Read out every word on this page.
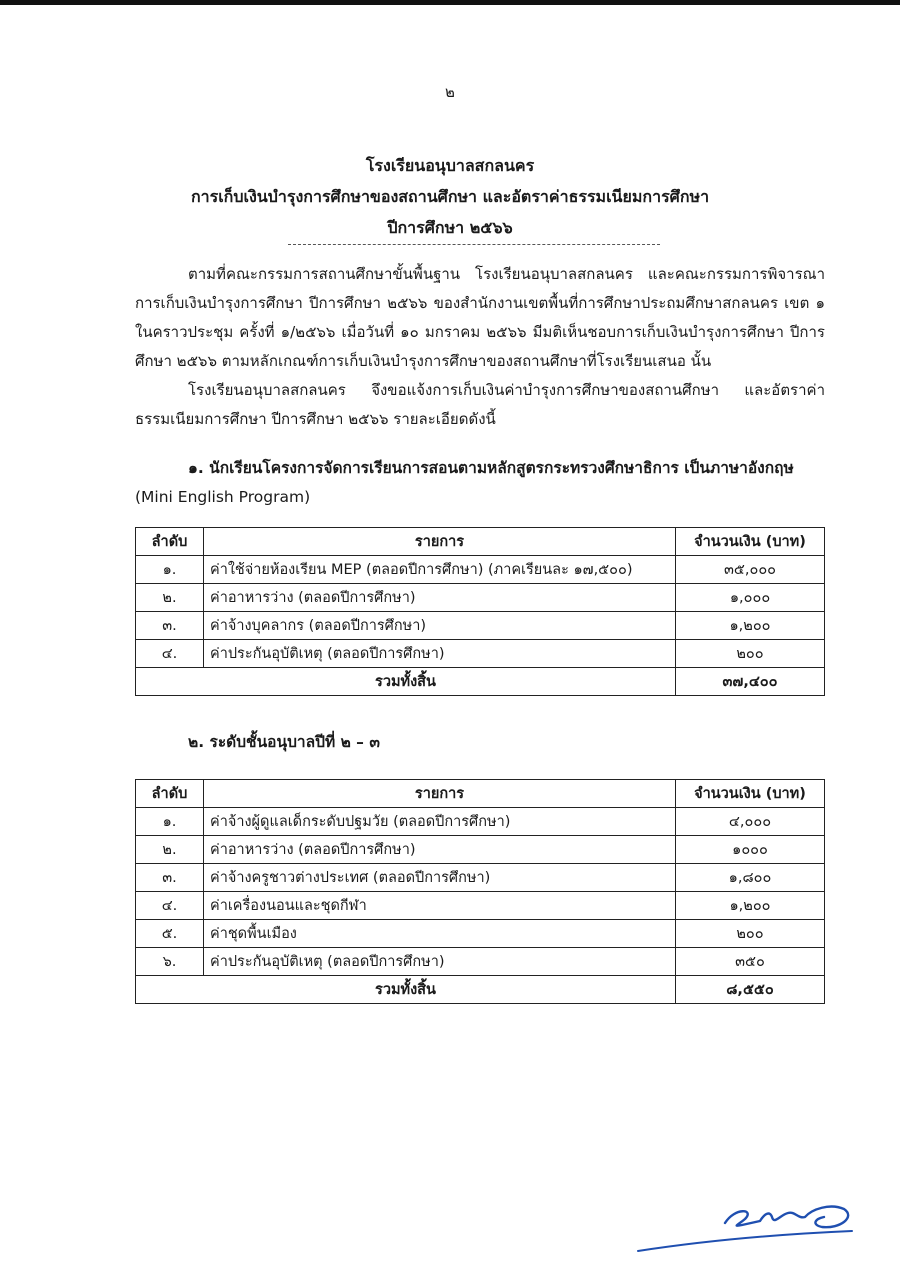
๒
โรงเรียนอนุบาลสกลนคร
การเก็บเงินบำรุงการศึกษาของสถานศึกษา และอัตราค่าธรรมเนียมการศึกษา
ปีการศึกษา ๒๕๖๖

ตามที่คณะกรรมการสถานศึกษาขั้นพื้นฐาน โรงเรียนอนุบาลสกลนคร และคณะกรรมการพิจารณาการเก็บเงินบำรุงการศึกษา ปีการศึกษา ๒๕๖๖ ของสำนักงานเขตพื้นที่การศึกษาประถมศึกษาสกลนคร เขต ๑ ในคราวประชุม ครั้งที่ ๑/๒๕๖๖ เมื่อวันที่ ๑๐ มกราคม ๒๕๖๖ มีมติเห็นชอบการเก็บเงินบำรุงการศึกษา ปีการศึกษา ๒๕๖๖ ตามหลักเกณฑ์การเก็บเงินบำรุงการศึกษาของสถานศึกษาที่โรงเรียนเสนอ นั้น

โรงเรียนอนุบาลสกลนคร จึงขอแจ้งการเก็บเงินค่าบำรุงการศึกษาของสถานศึกษา และอัตราค่าธรรมเนียมการศึกษา ปีการศึกษา ๒๕๖๖ รายละเอียดดังนี้

๑. นักเรียนโครงการจัดการเรียนการสอนตามหลักสูตรกระทรวงศึกษาธิการ เป็นภาษาอังกฤษ
(Mini English Program)
ลำดับ	รายการ	จำนวนเงิน (บาท)
๑.	ค่าใช้จ่ายห้องเรียน MEP (ตลอดปีการศึกษา) (ภาคเรียนละ ๑๗,๕๐๐)	๓๕,๐๐๐
๒.	ค่าอาหารว่าง (ตลอดปีการศึกษา)	๑,๐๐๐
๓.	ค่าจ้างบุคลากร (ตลอดปีการศึกษา)	๑,๒๐๐
๔.	ค่าประกันอุบัติเหตุ (ตลอดปีการศึกษา)	๒๐๐
รวมทั้งสิ้น		๓๗,๔๐๐
๒. ระดับชั้นอนุบาลปีที่ ๒ – ๓
ลำดับ	รายการ	จำนวนเงิน (บาท)
๑.	ค่าจ้างผู้ดูแลเด็กระดับปฐมวัย (ตลอดปีการศึกษา)	๔,๐๐๐
๒.	ค่าอาหารว่าง (ตลอดปีการศึกษา)	๑๐๐๐
๓.	ค่าจ้างครูชาวต่างประเทศ (ตลอดปีการศึกษา)	๑,๘๐๐
๔.	ค่าเครื่องนอนและชุดกีฬา	๑,๒๐๐
๕.	ค่าชุดพื้นเมือง	๒๐๐
๖.	ค่าประกันอุบัติเหตุ (ตลอดปีการศึกษา)	๓๕๐
รวมทั้งสิ้น		๘,๕๕๐
